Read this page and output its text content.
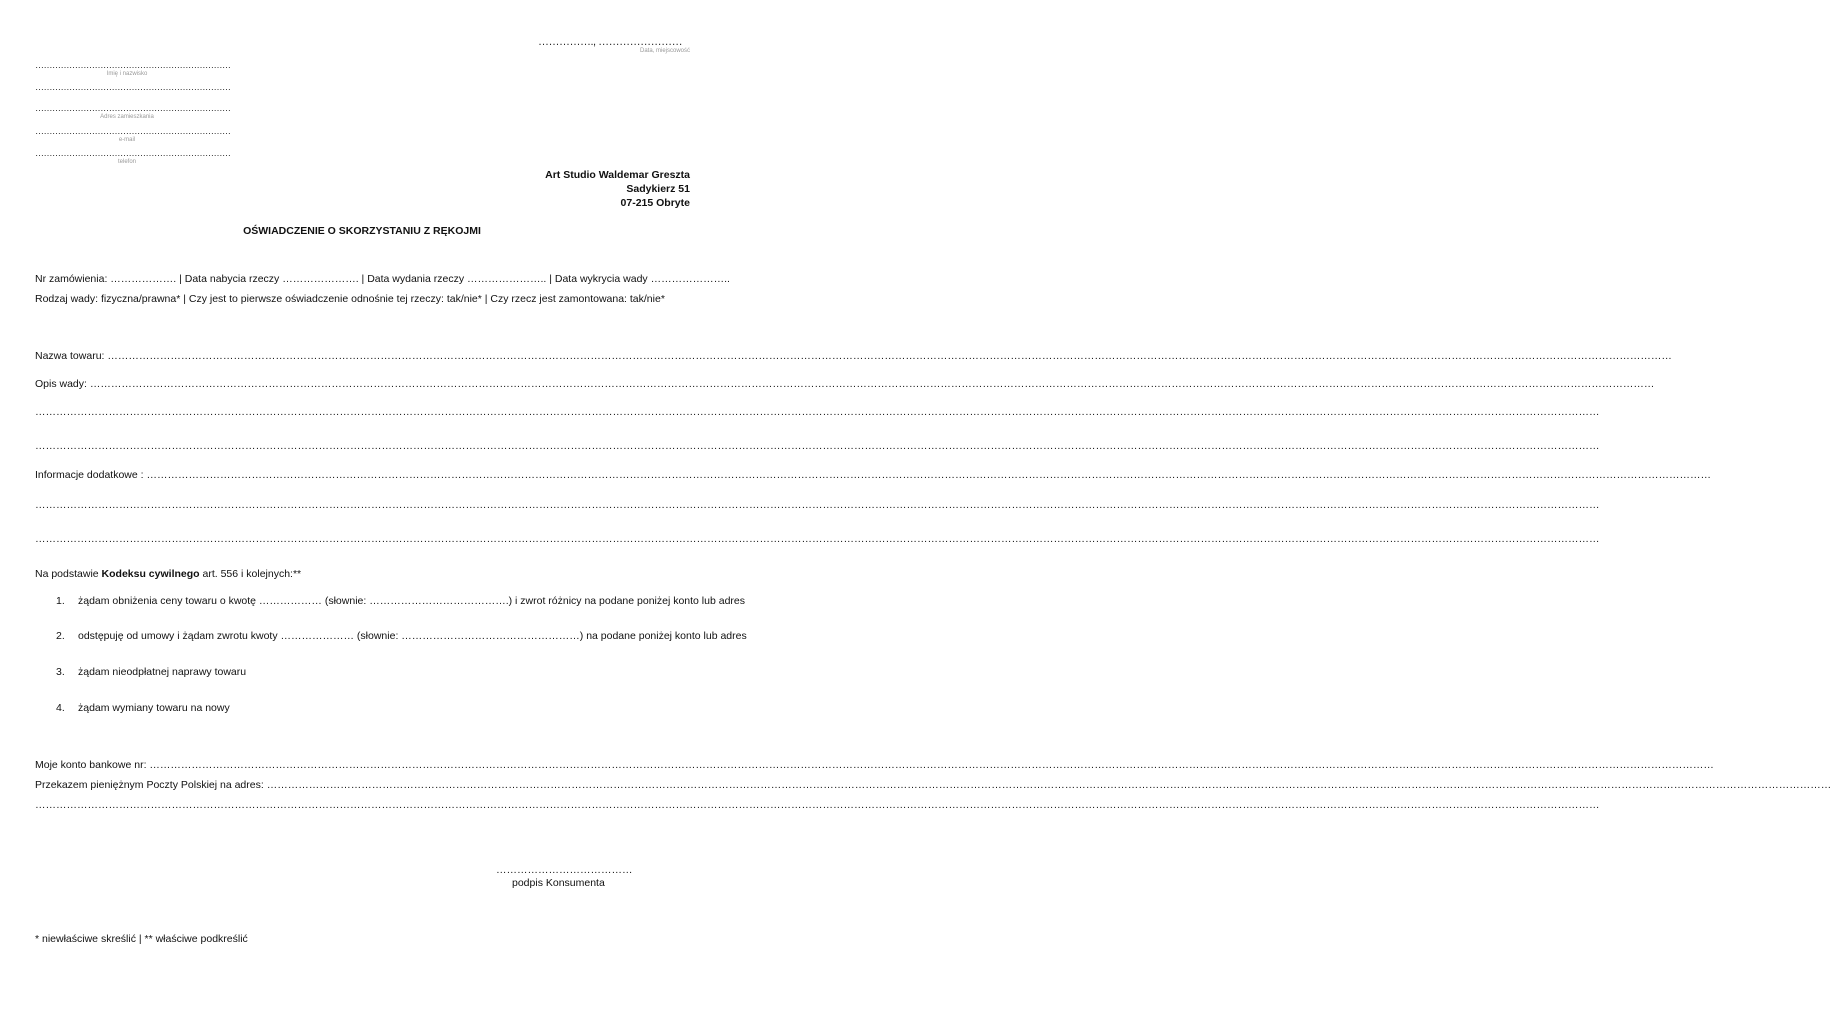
……………., ……………………
Data, miejscowość
……………………………………………………………
Imię i nazwisko
……………………………………………………………
……………………………………………………………
Adres zamieszkania
……………………………………………………………
e-mail
……………………………………………………………
telefon
Art Studio Waldemar Greszta
Sadykierz 51
07-215 Obryte
OŚWIADCZENIE O SKORZYSTANIU Z RĘKOJMI
Nr zamówienia: ………………. | Data nabycia rzeczy …………………. | Data wydania rzeczy ………………….. | Data wykrycia wady …………………..
Rodzaj wady: fizyczna/prawna* | Czy jest to pierwsze oświadczenie odnośnie tej rzeczy: tak/nie* | Czy rzecz jest zamontowana: tak/nie*
Nazwa towaru: ……………………………………………………………………………………………………………………………………………………………………………………………………………………………………………………………………………………………………………………………………………………………………………………………………………
Opis wady: ……………………………………………………………………………………………………………………………………………………………………………………………………………………………………………………………………………………………………………………………………………………………………………………………………………
……………………………………………………………………………………………………………………………………………………………………………………………………………………………………………………………………………………………………………………………………………………………………………………………………………
……………………………………………………………………………………………………………………………………………………………………………………………………………………………………………………………………………………………………………………………………………………………………………………………………………
Informacje dodatkowe : ……………………………………………………………………………………………………………………………………………………………………………………………………………………………………………………………………………………………………………………………………………………………………………………………………………
……………………………………………………………………………………………………………………………………………………………………………………………………………………………………………………………………………………………………………………………………………………………………………………………………………
……………………………………………………………………………………………………………………………………………………………………………………………………………………………………………………………………………………………………………………………………………………………………………………………………………
Na podstawie Kodeksu cywilnego art. 556 i kolejnych:**
1. żądam obniżenia ceny towaru o kwotę ……………… (słownie: ………………………………….) i zwrot różnicy na podane poniżej konto lub adres
2. odstępuję od umowy i żądam zwrotu kwoty ………………… (słownie: ……………………………………………) na podane poniżej konto lub adres
3. żądam nieodpłatnej naprawy towaru
4. żądam wymiany towaru na nowy
Moje konto bankowe nr: ……………………………………………………………………………………………………………………………………………………………………………………………………………………………………………………………………………………………………………………………………………………………………………………………………………
Przekazem pieniężnym Poczty Polskiej na adres: ……………………………………………………………………………………………………………………………………………………………………………………………………………………………………………………………………………………………………………………………………………………………………………………………………………
……………………………………………………………………………………………………………………………………………………………………………………………………………………………………………………………………………………………………………………………………………………………………………………………………………
…………………………………
podpis Konsumenta
* niewłaściwe skreślić | ** właściwe podkreślić
